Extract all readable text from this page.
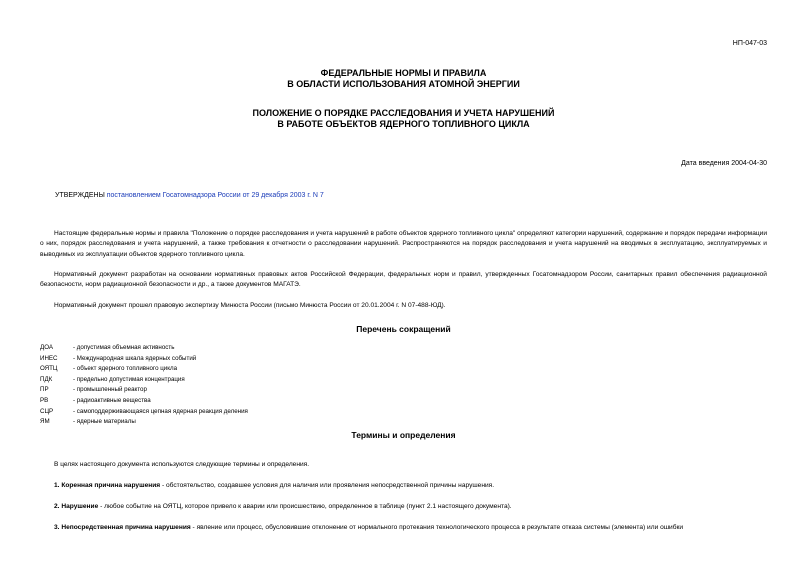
НП-047-03
ФЕДЕРАЛЬНЫЕ НОРМЫ И ПРАВИЛА
В ОБЛАСТИ ИСПОЛЬЗОВАНИЯ АТОМНОЙ ЭНЕРГИИ
ПОЛОЖЕНИЕ О ПОРЯДКЕ РАССЛЕДОВАНИЯ И УЧЕТА НАРУШЕНИЙ
В РАБОТЕ ОБЪЕКТОВ ЯДЕРНОГО ТОПЛИВНОГО ЦИКЛА
Дата введения 2004-04-30
УТВЕРЖДЕНЫ постановлением Госатомнадзора России от 29 декабря 2003 г. N 7
Настоящие федеральные нормы и правила "Положение о порядке расследования и учета нарушений в работе объектов ядерного топливного цикла" определяют категории нарушений, содержание и порядок передачи информации о них, порядок расследования и учета нарушений, а также требования к отчетности о расследовании нарушений. Распространяются на порядок расследования и учета нарушений на вводимых в эксплуатацию, эксплуатируемых и выводимых из эксплуатации объектов ядерного топливного цикла.
Нормативный документ разработан на основании нормативных правовых актов Российской Федерации, федеральных норм и правил, утвержденных Госатомнадзором России, санитарных правил обеспечения радиационной безопасности, норм радиационной безопасности и др., а также документов МАГАТЭ.
Нормативный документ прошел правовую экспертизу Минюста России (письмо Минюста России от 20.01.2004 г. N 07-488-ЮД).
Перечень сокращений
ДОА	- допустимая объемная активность
ИНЕС	- Международная шкала ядерных событий
ОЯТЦ	- объект ядерного топливного цикла
ПДК	- предельно допустимая концентрация
ПР	- промышленный реактор
РВ	- радиоактивные вещества
СЦР	- самоподдерживающаяся цепная ядерная реакция деления
ЯМ	- ядерные материалы
Термины и определения
В целях настоящего документа используются следующие термины и определения.
1. Коренная причина нарушения - обстоятельство, создавшее условия для наличия или проявления непосредственной причины нарушения.
2. Нарушение - любое событие на ОЯТЦ, которое привело к аварии или происшествию, определенное в таблице (пункт 2.1 настоящего документа).
3. Непосредственная причина нарушения - явление или процесс, обусловившие отклонение от нормального протекания технологического процесса в результате отказа системы (элемента) или ошибки
